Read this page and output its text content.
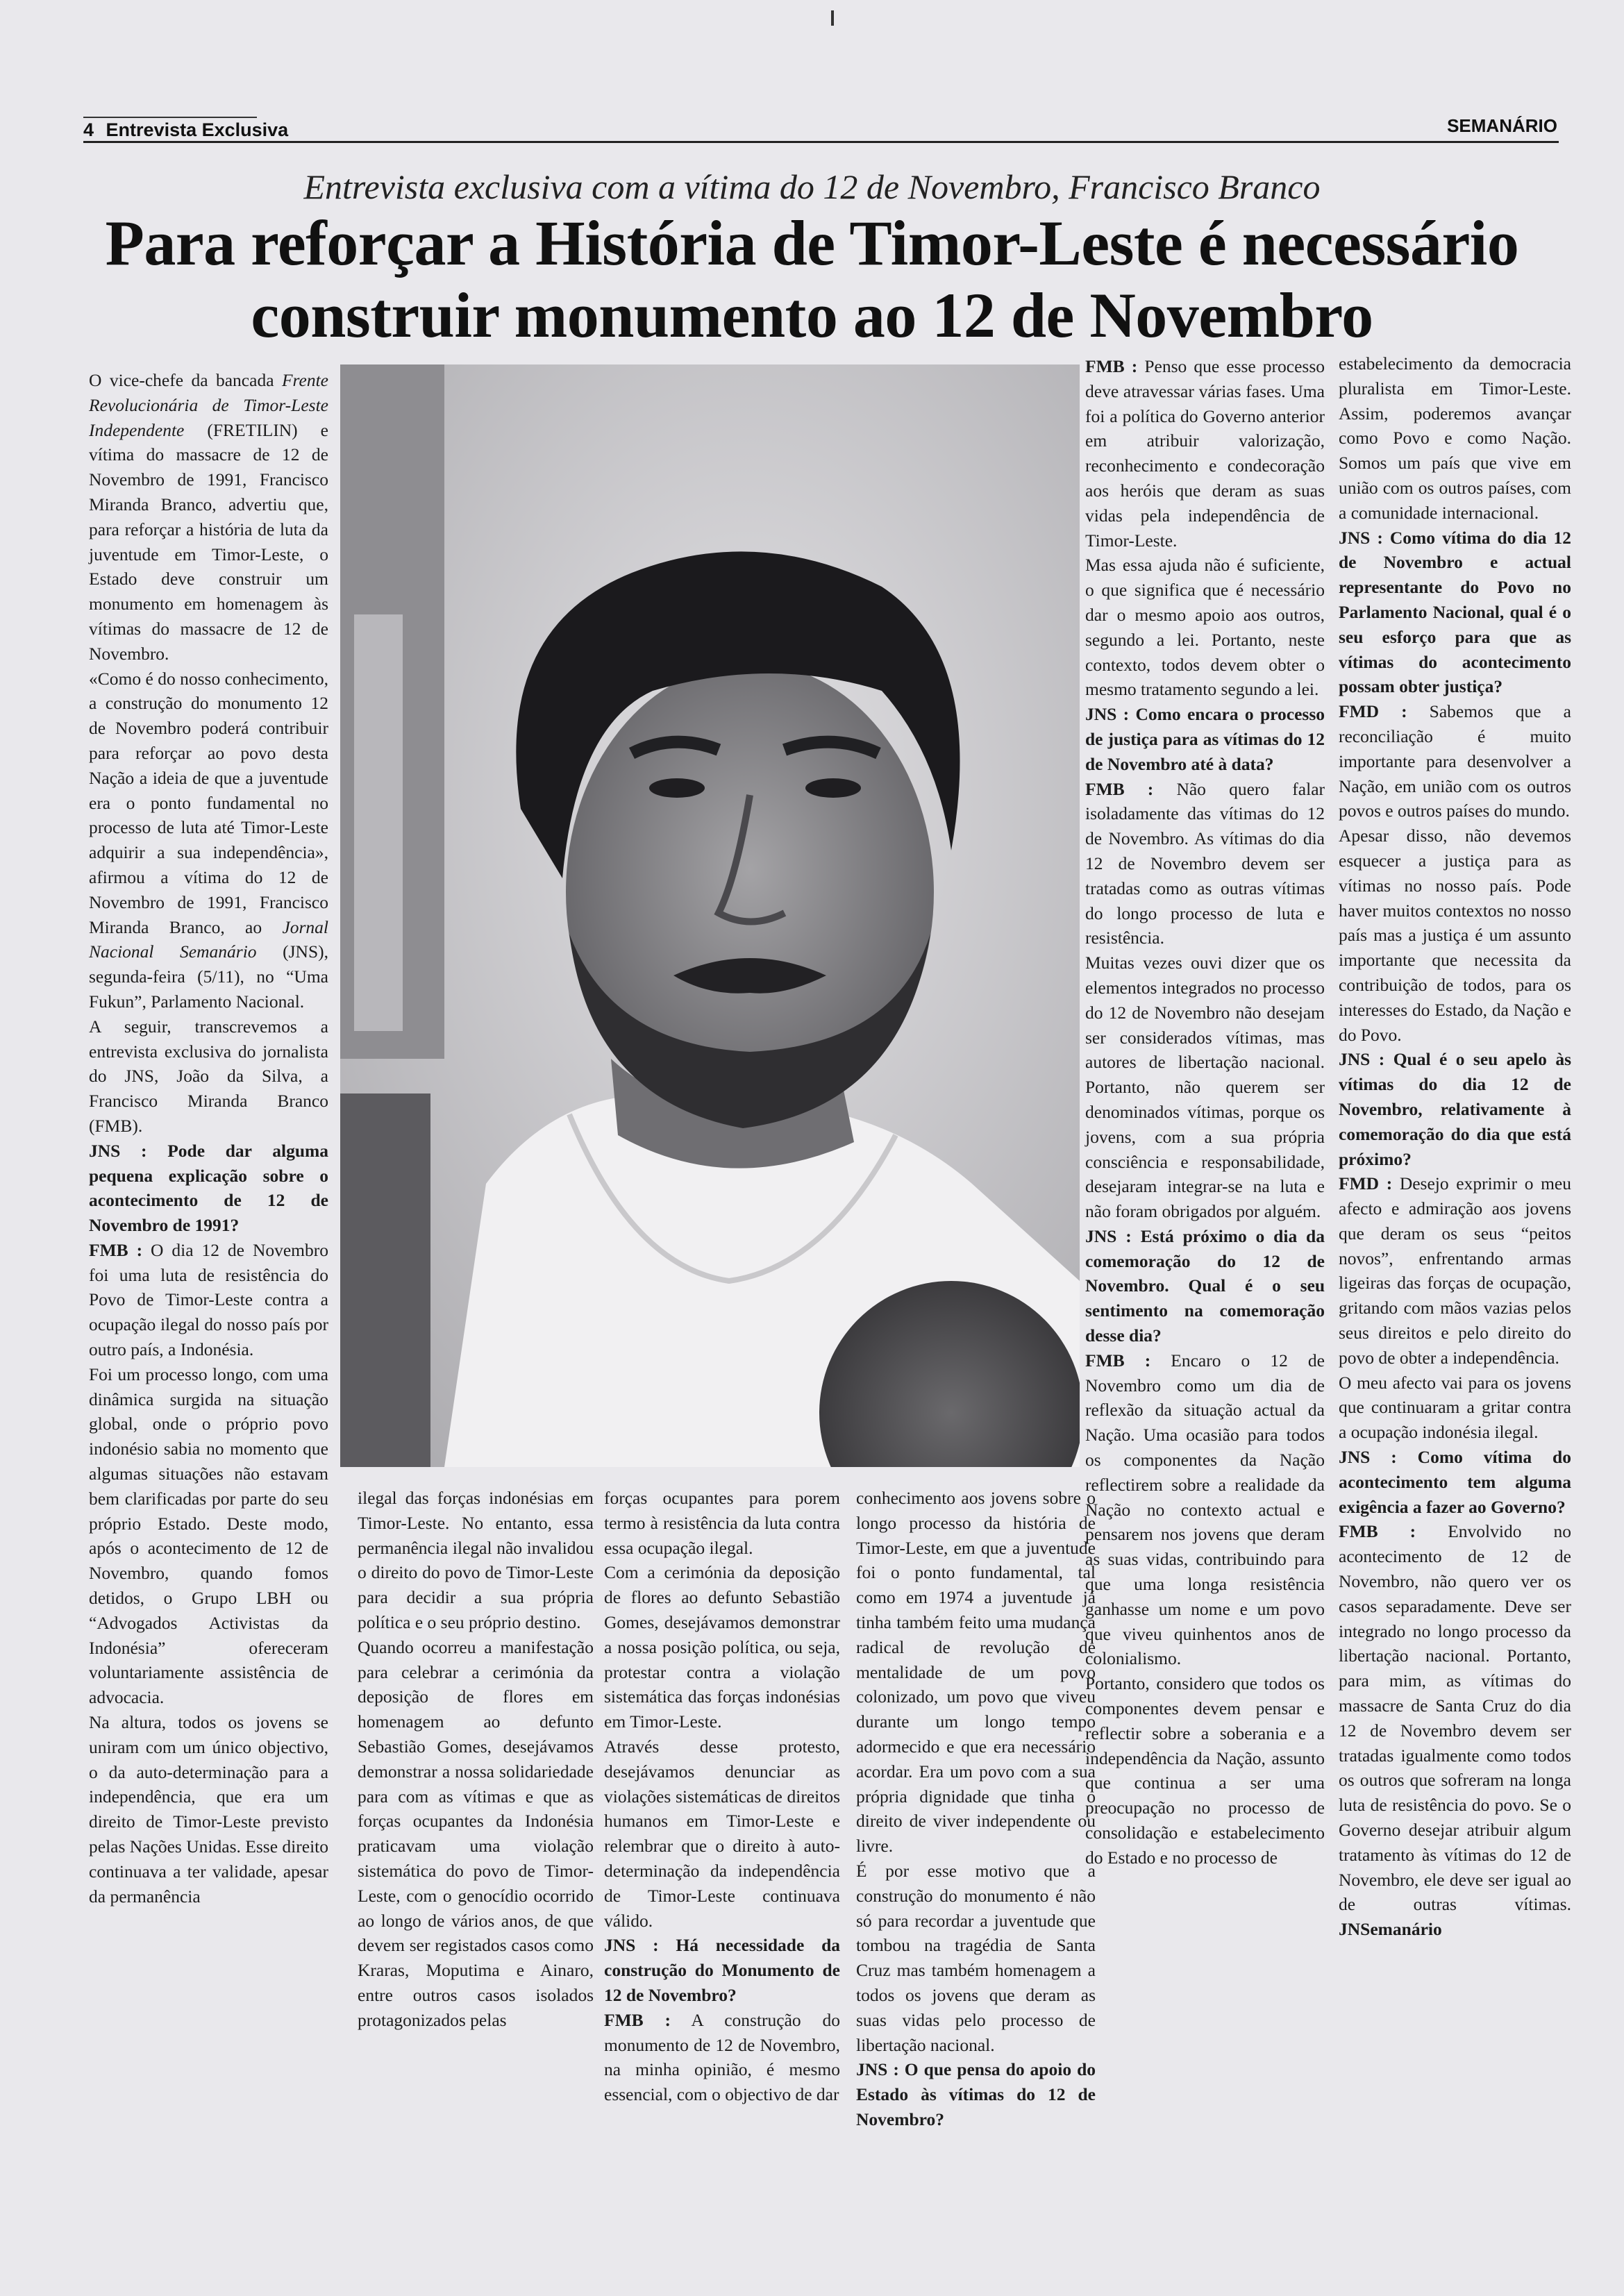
4 Entrevista Exclusiva	SEMANÁRIO
Entrevista exclusiva com a vítima do 12 de Novembro, Francisco Branco
Para reforçar a História de Timor-Leste é necessário
construir monumento ao 12 de Novembro

O vice-chefe da bancada Frente Revolucionária de Timor-Leste Independente (FRETILIN) e vítima do massacre de 12 de Novembro de 1991, Francisco Miranda Branco, advertiu que, para reforçar a história de luta da juventude em Timor-Leste, o Estado deve construir um monumento em homenagem às vítimas do massacre de 12 de Novembro.

«Como é do nosso conhecimento, a construção do monumento 12 de Novembro poderá contribuir para reforçar ao povo desta Nação a ideia de que a juventude era o ponto fundamental no processo de luta até Timor-Leste adquirir a sua independência», afirmou a vítima do 12 de Novembro de 1991, Francisco Miranda Branco, ao Jornal Nacional Semanário (JNS), segunda-feira (5/11), no “Uma Fukun”, Parlamento Nacional.

A seguir, transcrevemos a entrevista exclusiva do jornalista do JNS, João da Silva, a Francisco Miranda Branco (FMB).

JNS : Pode dar alguma pequena explicação sobre o acontecimento de 12 de Novembro de 1991?

FMB : O dia 12 de Novembro foi uma luta de resistência do Povo de Timor-Leste contra a ocupação ilegal do nosso país por outro país, a Indonésia.

Foi um processo longo, com uma dinâmica surgida na situação global, onde o próprio povo indonésio sabia no momento que algumas situações não estavam bem clarificadas por parte do seu próprio Estado. Deste modo, após o acontecimento de 12 de Novembro, quando fomos detidos, o Grupo LBH ou “Advogados Activistas da Indonésia” ofereceram voluntariamente assistência de advocacia.

Na altura, todos os jovens se uniram com um único objectivo, o da auto-determinação para a independência, que era um direito de Timor-Leste previsto pelas Nações Unidas. Esse direito continuava a ter validade, apesar da permanência

ilegal das forças indonésias em Timor-Leste. No entanto, essa permanência ilegal não invalidou o direito do povo de Timor-Leste para decidir a sua própria política e o seu próprio destino.

Quando ocorreu a manifestação para celebrar a cerimónia da deposição de flores em homenagem ao defunto Sebastião Gomes, desejávamos demonstrar a nossa solidariedade para com as vítimas e que as forças ocupantes da Indonésia praticavam uma violação sistemática do povo de Timor-Leste, com o genocídio ocorrido ao longo de vários anos, de que devem ser registados casos como Kraras, Moputima e Ainaro, entre outros casos isolados protagonizados pelas

forças ocupantes para porem termo à resistência da luta contra essa ocupação ilegal.

Com a cerimónia da deposição de flores ao defunto Sebastião Gomes, desejávamos demonstrar a nossa posição política, ou seja, protestar contra a violação sistemática das forças indonésias em Timor-Leste.

Através desse protesto, desejávamos denunciar as violações sistemáticas de direitos humanos em Timor-Leste e relembrar que o direito à auto-determinação da independência de Timor-Leste continuava válido.

JNS : Há necessidade da construção do Monumento de 12 de Novembro?

FMB : A construção do monumento de 12 de Novembro, na minha opinião, é mesmo essencial, com o objectivo de dar

conhecimento aos jovens sobre o longo processo da história de Timor-Leste, em que a juventude foi o ponto fundamental, tal como em 1974 a juventude já tinha também feito uma mudança radical de revolução de mentalidade de um povo colonizado, um povo que viveu durante um longo tempo adormecido e que era necessário acordar. Era um povo com a sua própria dignidade que tinha o direito de viver independente ou livre.

É por esse motivo que a construção do monumento é não só para recordar a juventude que tombou na tragédia de Santa Cruz mas também homenagem a todos os jovens que deram as suas vidas pelo processo de libertação nacional.

JNS : O que pensa do apoio do Estado às vítimas do 12 de Novembro?

FMB : Penso que esse processo deve atravessar várias fases. Uma foi a política do Governo anterior em atribuir valorização, reconhecimento e condecoração aos heróis que deram as suas vidas pela independência de Timor-Leste.

Mas essa ajuda não é suficiente, o que significa que é necessário dar o mesmo apoio aos outros, segundo a lei. Portanto, neste contexto, todos devem obter o mesmo tratamento segundo a lei.

JNS : Como encara o processo de justiça para as vítimas do 12 de Novembro até à data?

FMB : Não quero falar isoladamente das vítimas do 12 de Novembro. As vítimas do dia 12 de Novembro devem ser tratadas como as outras vítimas do longo processo de luta e resistência.

Muitas vezes ouvi dizer que os elementos integrados no processo do 12 de Novembro não desejam ser considerados vítimas, mas autores de libertação nacional. Portanto, não querem ser denominados vítimas, porque os jovens, com a sua própria consciência e responsabilidade, desejaram integrar-se na luta e não foram obrigados por alguém.

JNS : Está próximo o dia da comemoração do 12 de Novembro. Qual é o seu sentimento na comemoração desse dia?

FMB : Encaro o 12 de Novembro como um dia de reflexão da situação actual da Nação. Uma ocasião para todos os componentes da Nação reflectirem sobre a realidade da Nação no contexto actual e pensarem nos jovens que deram as suas vidas, contribuindo para que uma longa resistência ganhasse um nome e um povo que viveu quinhentos anos de colonialismo.

Portanto, considero que todos os componentes devem pensar e reflectir sobre a soberania e a independência da Nação, assunto que continua a ser uma preocupação no processo de consolidação e estabelecimento do Estado e no processo de

estabelecimento da democracia pluralista em Timor-Leste. Assim, poderemos avançar como Povo e como Nação. Somos um país que vive em união com os outros países, com a comunidade internacional.

JNS : Como vítima do dia 12 de Novembro e actual representante do Povo no Parlamento Nacional, qual é o seu esforço para que as vítimas do acontecimento possam obter justiça?

FMD : Sabemos que a reconciliação é muito importante para desenvolver a Nação, em união com os outros povos e outros países do mundo.

Apesar disso, não devemos esquecer a justiça para as vítimas no nosso país. Pode haver muitos contextos no nosso país mas a justiça é um assunto importante que necessita da contribuição de todos, para os interesses do Estado, da Nação e do Povo.

JNS : Qual é o seu apelo às vítimas do dia 12 de Novembro, relativamente à comemoração do dia que está próximo?

FMD : Desejo exprimir o meu afecto e admiração aos jovens que deram os seus “peitos novos”, enfrentando armas ligeiras das forças de ocupação, gritando com mãos vazias pelos seus direitos e pelo direito do povo de obter a independência.

O meu afecto vai para os jovens que continuaram a gritar contra a ocupação indonésia ilegal.

JNS : Como vítima do acontecimento tem alguma exigência a fazer ao Governo?

FMB : Envolvido no acontecimento de 12 de Novembro, não quero ver os casos separadamente. Deve ser integrado no longo processo da libertação nacional. Portanto, para mim, as vítimas do massacre de Santa Cruz do dia 12 de Novembro devem ser tratadas igualmente como todos os outros que sofreram na longa luta de resistência do povo. Se o Governo desejar atribuir algum tratamento às vítimas do 12 de Novembro, ele deve ser igual ao de outras vítimas. JNSemanário
